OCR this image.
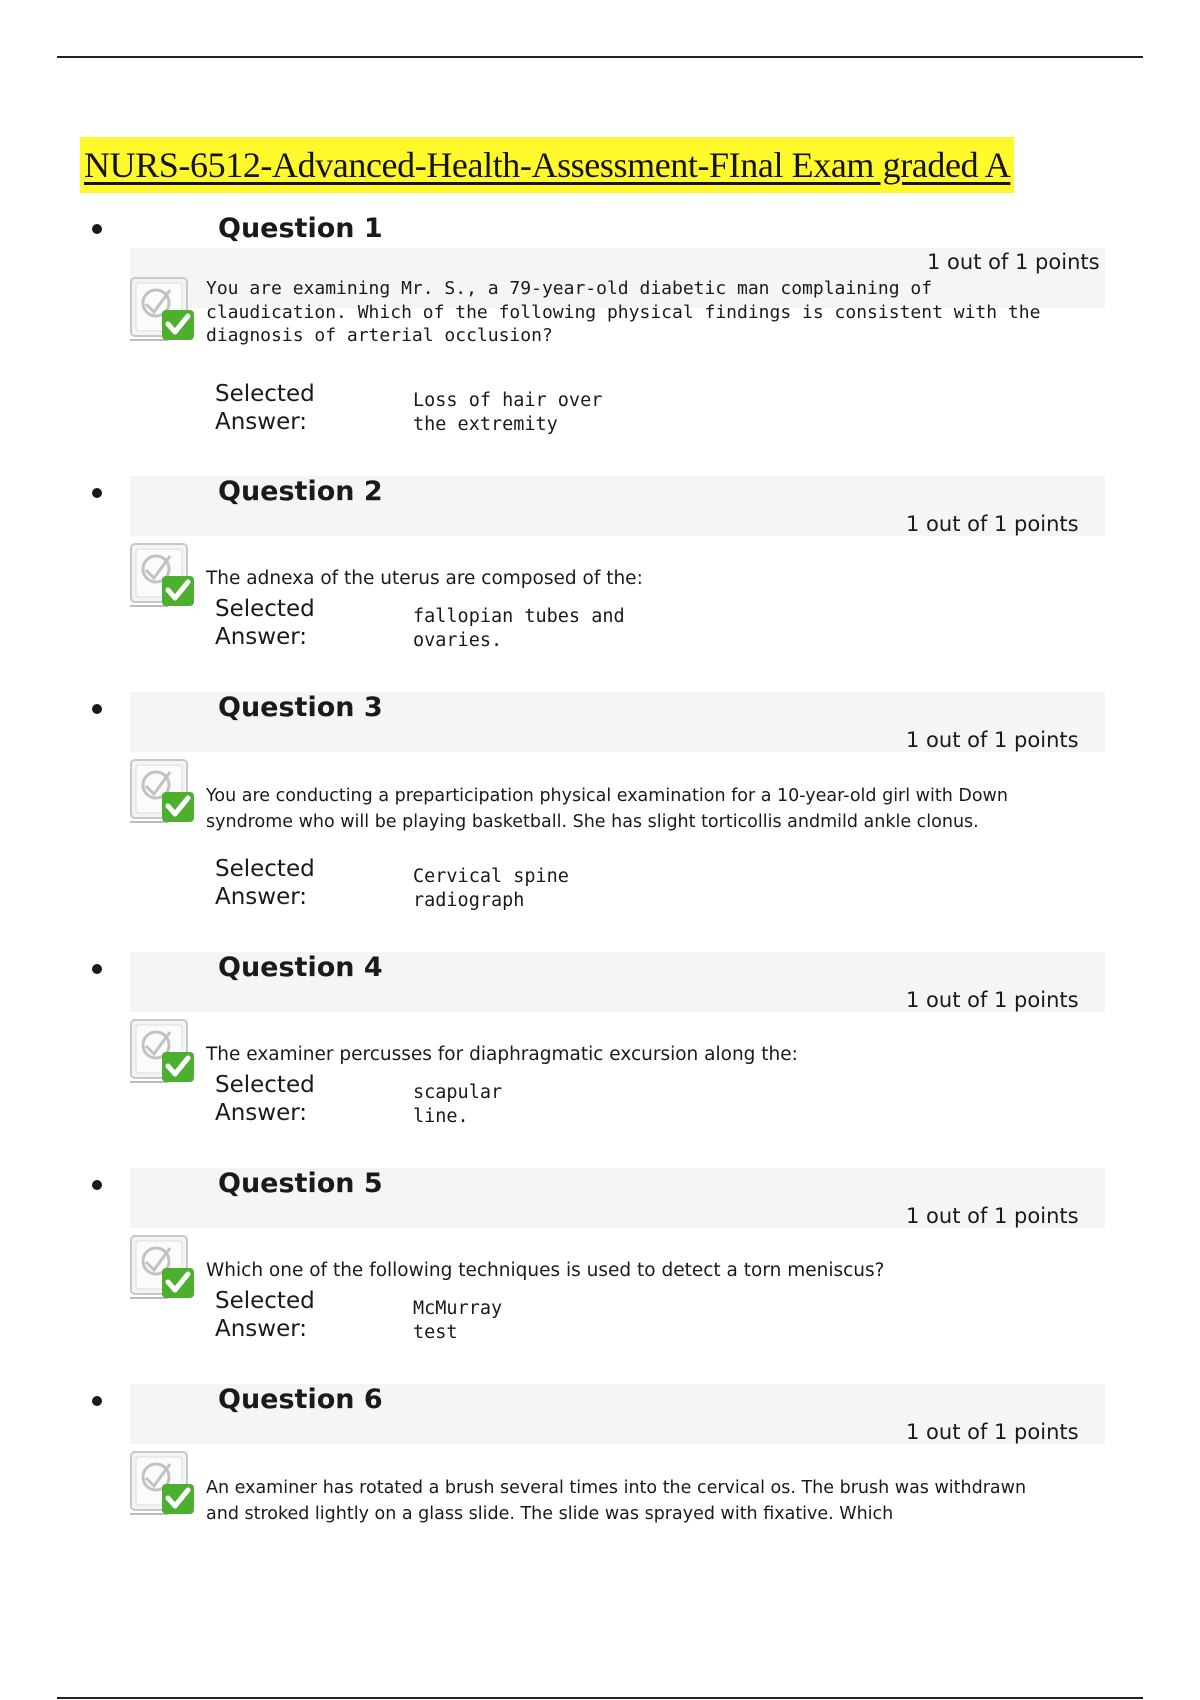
NURS-6512-Advanced-Health-Assessment-FInal Exam graded A
Question 1
1 out of 1 points
You are examining Mr. S., a 79-year-old diabetic man complaining of claudication. Which of the following physical findings is consistent with the diagnosis of arterial occlusion?
Selected
Answer:
Loss of hair over the extremity
Question 2
1 out of 1 points
The adnexa of the uterus are composed of the:
Selected
Answer:
fallopian tubes and ovaries.
Question 3
1 out of 1 points
You are conducting a preparticipation physical examination for a 10-year-old girl with Down syndrome who will be playing basketball. She has slight torticollis andmild ankle clonus.
Selected
Answer:
Cervical spine radiograph
Question 4
1 out of 1 points
The examiner percusses for diaphragmatic excursion along the:
Selected
Answer:
scapular line.
Question 5
1 out of 1 points
Which one of the following techniques is used to detect a torn meniscus?
Selected
Answer:
McMurray test
Question 6
1 out of 1 points
An examiner has rotated a brush several times into the cervical os. The brush was withdrawn and stroked lightly on a glass slide. The slide was sprayed with fixative. Which
